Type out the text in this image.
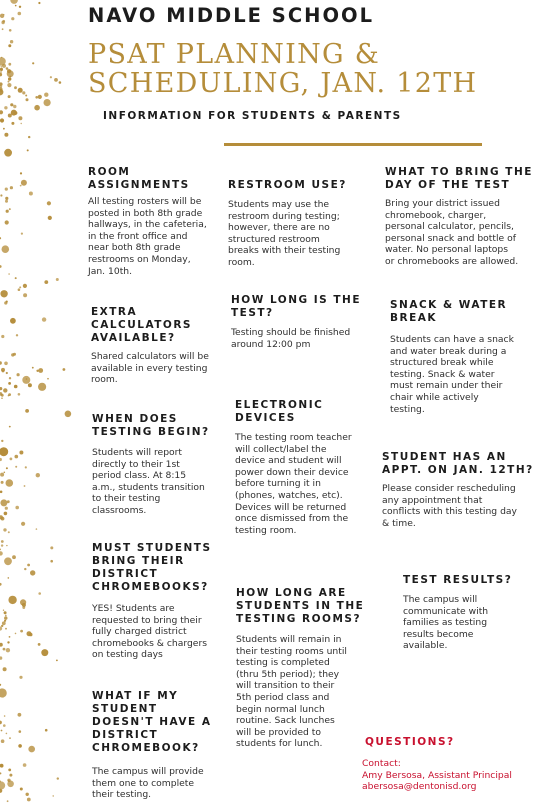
NAVO MIDDLE SCHOOL
PSAT PLANNING &
SCHEDULING, JAN. 12TH
INFORMATION FOR STUDENTS & PARENTS
ROOM
ASSIGNMENTS
All testing rosters will be
posted in both 8th grade
hallways, in the cafeteria,
in the front office and
near both 8th grade
restrooms on Monday,
Jan. 10th.
EXTRA
CALCULATORS
AVAILABLE?
Shared calculators will be
available in every testing
room.
WHEN DOES
TESTING BEGIN?
Students will report
directly to their 1st
period class. At 8:15
a.m., students transition
to their testing
classrooms.
MUST STUDENTS
BRING THEIR
DISTRICT
CHROMEBOOKS?
YES! Students are
requested to bring their
fully charged district
chromebooks & chargers
on testing days
WHAT IF MY
STUDENT
DOESN'T HAVE A
DISTRICT
CHROMEBOOK?
The campus will provide
them one to complete
their testing.
RESTROOM USE?
Students may use the
restroom during testing;
however, there are no
structured restroom
breaks with their testing
room.
HOW LONG IS THE
TEST?
Testing should be finished
around 12:00 pm
ELECTRONIC
DEVICES
The testing room teacher
will collect/label the
device and student will
power down their device
before turning it in
(phones, watches, etc).
Devices will be returned
once dismissed from the
testing room.
HOW LONG ARE
STUDENTS IN THE
TESTING ROOMS?
Students will remain in
their testing rooms until
testing is completed
(thru 5th period); they
will transition to their
5th period class and
begin normal lunch
routine. Sack lunches
will be provided to
students for lunch.
WHAT TO BRING THE
DAY OF THE TEST
Bring your district issued
chromebook, charger,
personal calculator, pencils,
personal snack and bottle of
water. No personal laptops
or chromebooks are allowed.
SNACK & WATER
BREAK
Students can have a snack
and water break during a
structured break while
testing. Snack & water
must remain under their
chair while actively
testing.
STUDENT HAS AN
APPT. ON JAN. 12TH?
Please consider rescheduling
any appointment that
conflicts with this testing day
& time.
TEST RESULTS?
The campus will
communicate with
families as testing
results become
available.
QUESTIONS?
Contact:
Amy Bersosa, Assistant Principal
abersosa@dentonisd.org
